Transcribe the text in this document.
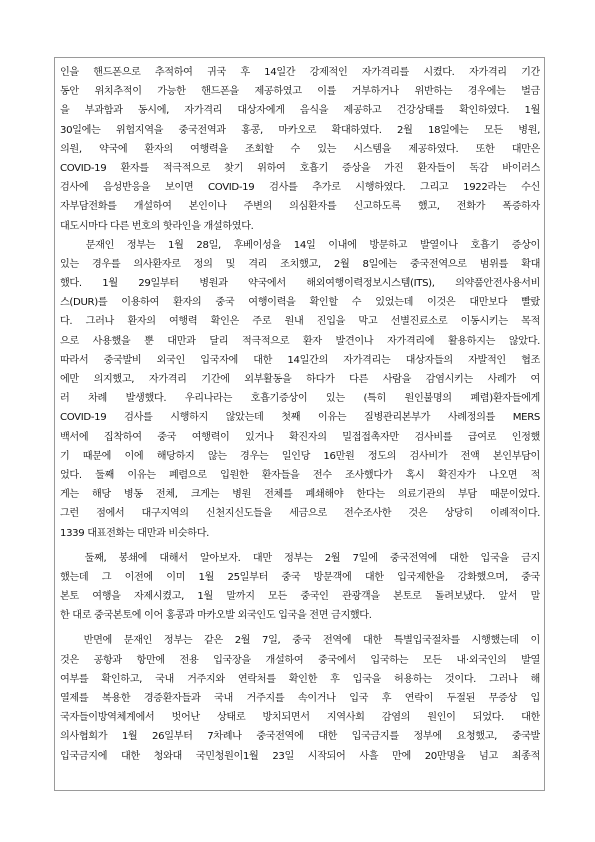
인을 핸드폰으로 추적하여 귀국 후 14일간 강제적인 자가격리를 시켰다. 자가격리 기간
동안 위치추적이 가능한 핸드폰을 제공하였고 이를 거부하거나 위반하는 경우에는 벌금
을 부과함과 동시에, 자가격리 대상자에게 음식을 제공하고 건강상태를 확인하였다. 1월
30일에는 위험지역을 중국전역과 홍콩, 마카오로 확대하였다. 2월 18일에는 모든 병원,
의원, 약국에 환자의 여행력을 조회할 수 있는 시스템을 제공하였다. 또한 대만은
COVID-19 환자를 적극적으로 찾기 위하여 호흡기 증상을 가진 환자들이 독감 바이러스
검사에 음성반응을 보이면 COVID-19 검사를 추가로 시행하였다. 그리고 1922라는 수신
자부담전화를 개설하여 본인이나 주변의 의심환자를 신고하도록 했고, 전화가 폭증하자
대도시마다 다른 번호의 핫라인을 개설하였다.
문재인 정부는 1월 28일, 후베이성을 14일 이내에 방문하고 발열이나 호흡기 증상이
있는 경우를 의사환자로 정의 및 격리 조치했고, 2월 8일에는 중국전역으로 범위를 확대
했다. 1월 29일부터 병원과 약국에서 해외여행이력정보시스템(ITS), 의약품안전사용서비
스(DUR)를 이용하여 환자의 중국 여행이력을 확인할 수 있었는데 이것은 대만보다 빨랐
다. 그러나 환자의 여행력 확인은 주로 원내 진입을 막고 선별진료소로 이동시키는 목적
으로 사용했을 뿐 대만과 달리 적극적으로 환자 발견이나 자가격리에 활용하지는 않았다.
따라서 중국발비 외국인 입국자에 대한 14일간의 자가격리는 대상자들의 자발적인 협조
에만 의지했고, 자가격리 기간에 외부활동을 하다가 다른 사람을 감염시키는 사례가 여
러 차례 발생했다. 우리나라는 호흡기증상이 있는 (특히 원인불명의 폐렴)환자들에게
COVID-19 검사를 시행하지 않았는데 첫째 이유는 질병관리본부가 사례정의를 MERS
백서에 집착하여 중국 여행력이 있거나 확진자의 밀접접촉자만 검사비를 급여로 인정했
기 때문에 이에 해당하지 않는 경우는 일인당 16만원 정도의 검사비가 전액 본인부담이
었다. 둘째 이유는 폐렴으로 입원한 환자들을 전수 조사했다가 혹시 확진자가 나오면 적
게는 해당 병동 전체, 크게는 병원 전체를 폐쇄해야 한다는 의료기관의 부담 때문이었다.
그런 점에서 대구지역의 신천지신도들을 세금으로 전수조사한 것은 상당히 이례적이다.
1339 대표전화는 대만과 비슷하다.
둘째, 봉쇄에 대해서 알아보자. 대만 정부는 2월 7일에 중국전역에 대한 입국을 금지
했는데 그 이전에 이미 1월 25일부터 중국 방문객에 대한 입국제한을 강화했으며, 중국
본토 여행을 자제시켰고, 1월 말까지 모든 중국인 관광객을 본토로 돌려보냈다. 앞서 말
한 대로 중국본토에 이어 홍콩과 마카오발 외국인도 입국을 전면 금지했다.
반면에 문재인 정부는 같은 2월 7일, 중국 전역에 대한 특별입국절차를 시행했는데 이
것은 공항과 항만에 전용 입국장을 개설하여 중국에서 입국하는 모든 내·외국인의 발열
여부를 확인하고, 국내 거주지와 연락처를 확인한 후 입국을 허용하는 것이다. 그러나 해
열제를 복용한 경증환자들과 국내 거주지를 속이거나 입국 후 연락이 두절된 무증상 입
국자들이방역체계에서 벗어난 상태로 방치되면서 지역사회 감염의 원인이 되었다. 대한
의사협회가 1월 26일부터 7차례나 중국전역에 대한 입국금지를 정부에 요청했고, 중국발
입국금지에 대한 청와대 국민청원이1월 23일 시작되어 사흘 만에 20만명을 넘고 최종적
